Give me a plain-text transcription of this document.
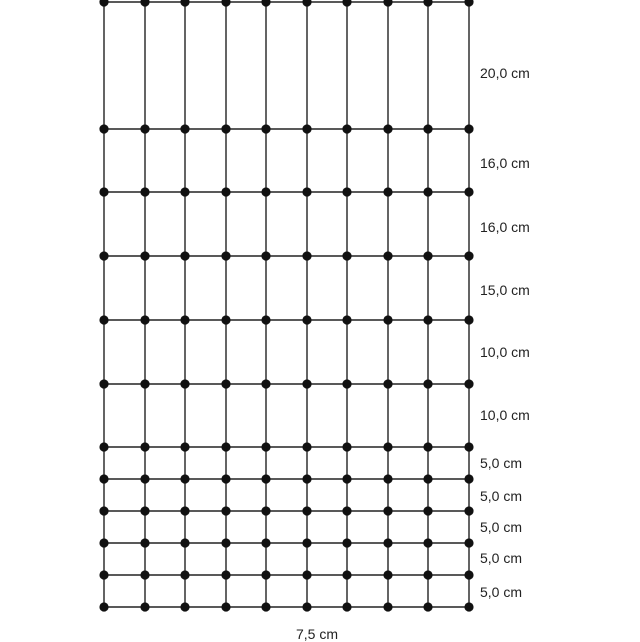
20,0 cm
16,0 cm
16,0 cm
15,0 cm
10,0 cm
10,0 cm
5,0 cm
5,0 cm
5,0 cm
5,0 cm
5,0 cm
7,5 cm
